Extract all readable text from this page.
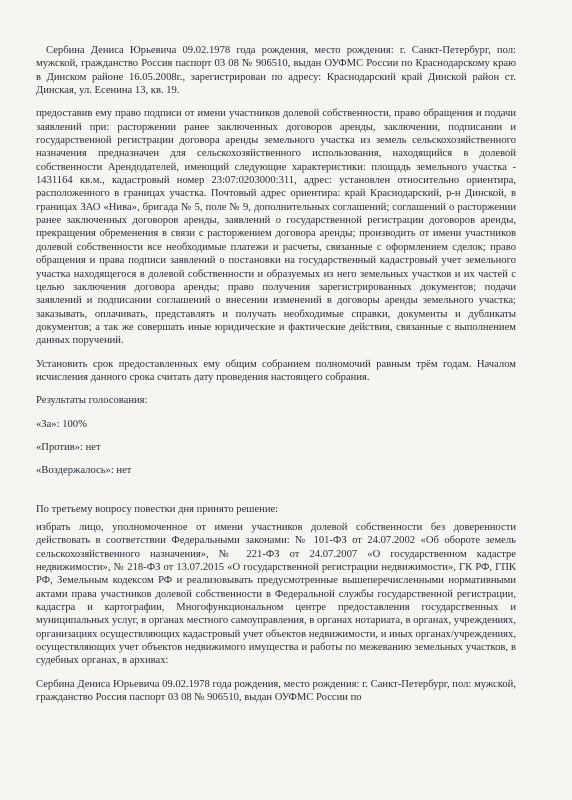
Сербина Дениса Юрьевича 09.02.1978 года рождения, место рождения: г. Санкт-Петербург, пол: мужской, гражданство Россия паспорт 03 08 № 906510, выдан ОУФМС России по Краснодарскому краю в Динском районе 16.05.2008г., зарегистрирован по адресу: Краснодарский край Динской район ст. Динская, ул. Есенина 13, кв. 19.

предоставив ему право подписи от имени участников долевой собственности, право обращения и подачи заявлений при: расторжении ранее заключенных договоров аренды, заключении, подписании и государственной регистрации договора аренды земельного участка из земель сельскохозяйственного назначения предназначен для сельскохозяйственного использования, находящийся в долевой собственности Арендодателей, имеющий следующие характеристики: площадь земельного участка - 1431164 кв.м., кадастровый номер 23:07:0203000:311, адрес: установлен относительно ориентира, расположенного в границах участка. Почтовый адрес ориентира: край Краснодарский, р-н Динской, в границах ЗАО «Нива», бригада № 5, поле № 9, дополнительных соглашений; соглашений о расторжении ранее заключенных договоров аренды, заявлений о государственной регистрации договоров аренды, прекращения обременения в связи с расторжением договора аренды; производить от имени участников долевой собственности все необходимые платежи и расчеты, связанные с оформлением сделок; право обращения и права подписи заявлений о постановки на государственный кадастровый учет земельного участка находящегося в долевой собственности и образуемых из него земельных участков и их частей с целью заключения договора аренды; право получения зарегистрированных документов; подачи заявлений и подписании соглашений о внесении изменений в договоры аренды земельного участка; заказывать, оплачивать, представлять и получать необходимые справки, документы и дубликаты документов; а так же совершать иные юридические и фактические действия, связанные с выполнением данных поручений.

Установить срок предоставленных ему общим собранием полномочий равным трём годам. Началом исчисления данного срока считать дату проведения настоящего собрания.

Результаты голосования:

«За»: 100%

«Против»: нет

«Воздержалось»: нет

По третьему вопросу повестки дня принято решение:

избрать лицо, уполномоченное от имени участников долевой собственности без доверенности действовать в соответствии Федеральными законами: № 101-ФЗ от 24.07.2002 «Об обороте земель сельскохозяйственного назначения», № 221-ФЗ от 24.07.2007 «О государственном кадастре недвижимости», № 218-ФЗ от 13.07.2015 «О государственной регистрации недвижимости», ГК РФ, ГПК РФ, Земельным кодексом РФ и реализовывать предусмотренные вышеперечисленными нормативными актами права участников долевой собственности в Федеральной службы государственной регистрации, кадастра и картографии, Многофункциональном центре предоставления государственных и муниципальных услуг, в органах местного самоуправления, в органах нотариата, в органах, учреждениях, организациях осуществляющих кадастровый учет объектов недвижимости, и иных органах/учреждениях, осуществляющих учет объектов недвижимого имущества и работы по межеванию земельных участков, в судебных органах, в архивах:

Сербина Дениса Юрьевича 09.02.1978 года рождения, место рождения: г. Санкт-Петербург, пол: мужской, гражданство Россия паспорт 03 08 № 906510, выдан ОУФМС России по
